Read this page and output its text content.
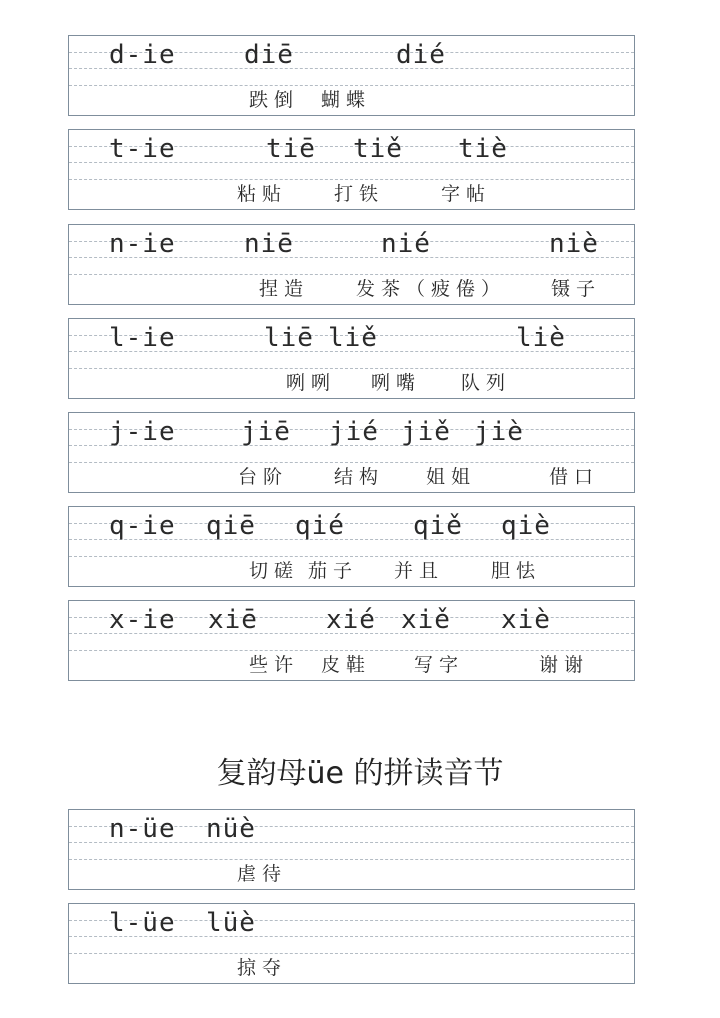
d-ie	diē	dié
跌倒 蝴蝶
t-ie	tiē tiě tiè
粘贴 打铁	字帖
n-ie	niē	nié	niè
捏造 发茶（疲倦） 镊子
l-ie	liē liě	liè
咧咧 咧嘴 队列
j-ie	jiē jié jiě jiè
台阶 结构 姐姐	借口
q-ie qiē qié	qiě qiè
切磋 茄子 并且 胆怯
x-ie xiē	xié xiě xiè
些许 皮鞋 写字	谢谢
复韵母üe 的拼读音节
n-üe nüè
虐待
l-üe lüè
掠夺
